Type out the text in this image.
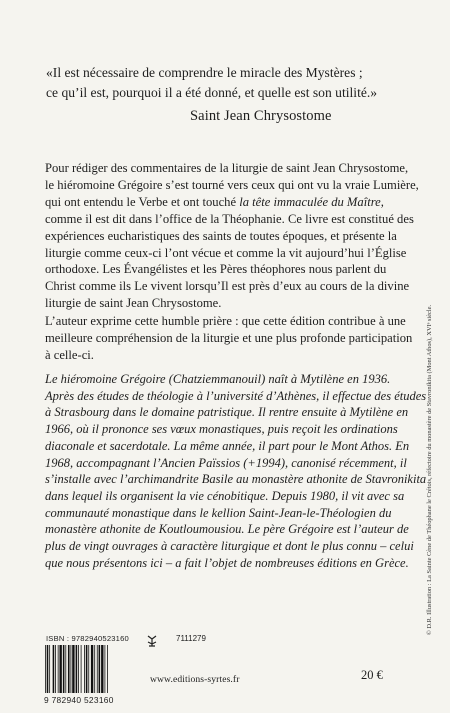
«Il est nécessaire de comprendre le miracle des Mystères ;

ce qu’il est, pourquoi il a été donné, et quelle est son utilité.»

Saint Jean Chrysostome
Pour rédiger des commentaires de la liturgie de saint Jean Chrysostome,
le hiéromoine Grégoire s’est tourné vers ceux qui ont vu la vraie Lumière,
qui ont entendu le Verbe et ont touché la tête immaculée du Maître,
comme il est dit dans l’office de la Théophanie. Ce livre est constitué des
expériences eucharistiques des saints de toutes époques, et présente la
liturgie comme ceux-ci l’ont vécue et comme la vit aujourd’hui l’Église
orthodoxe. Les Évangélistes et les Pères théophores nous parlent du
Christ comme ils Le vivent lorsqu’Il est près d’eux au cours de la divine
liturgie de saint Jean Chrysostome.
L’auteur exprime cette humble prière : que cette édition contribue à une
meilleure compréhension de la liturgie et une plus profonde participation
à celle-ci.
Le hiéromoine Grégoire (Chatziemmanouil) naît à Mytilène en 1936.
Après des études de théologie à l’université d’Athènes, il effectue des études
à Strasbourg dans le domaine patristique. Il rentre ensuite à Mytilène en
1966, où il prononce ses vœux monastiques, puis reçoit les ordinations
diaconale et sacerdotale. La même année, il part pour le Mont Athos. En
1968, accompagnant l’Ancien Païssios (+1994), canonisé récemment, il
s’installe avec l’archimandrite Basile au monastère athonite de Stavronikita
dans lequel ils organisent la vie cénobitique. Depuis 1980, il vit avec sa
communauté monastique dans le kellion Saint-Jean-le-Théologien du
monastère athonite de Koutloumousiou. Le père Grégoire est l’auteur de
plus de vingt ouvrages à caractère liturgique et dont le plus connu – celui
que nous présentons ici – a fait l’objet de nombreuses éditions en Grèce.	© D.R. Illustration : La Sainte Cène de Théophane le Crétois, réfectoire du monastère de Stavronikita (Mont Athos), XVIᵉ siècle.
ISBN : 9782940523160
9 782940 523160
7111279
www.editions-syrtes.fr	20 €
